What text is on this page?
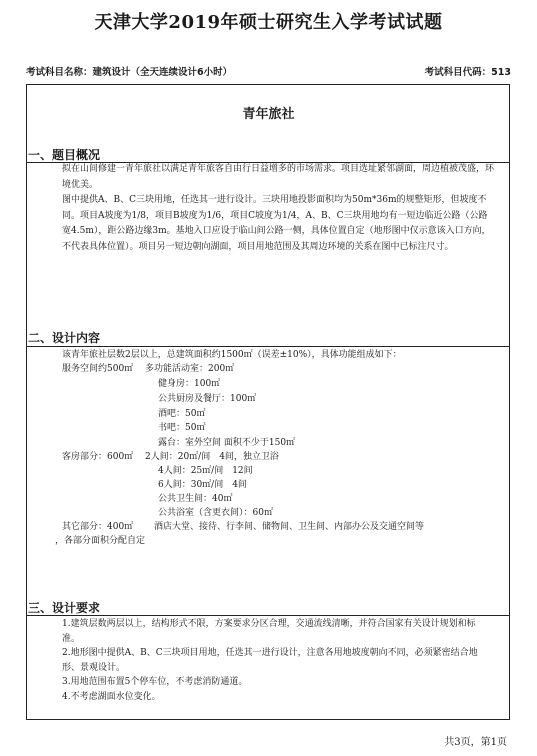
天津大学2019年硕士研究生入学考试试题
考试科目名称：建筑设计（全天连续设计6小时）	考试科目代码：513
青年旅社
一、题目概况

拟在山间修建一青年旅社以满足青年旅客自由行日益增多的市场需求。项目选址紧邻湖面，周边植被茂盛，环境优美。

图中提供A、B、C三块用地，任选其一进行设计。三块用地投影面积均为50m*36m的规整矩形，但坡度不同。项目A坡度为1/8，项目B坡度为1/6，项目C坡度为1/4，A、B、C三块用地均有一短边临近公路（公路宽4.5m），距公路边缘3m。基地入口应设于临山间公路一侧，具体位置自定（地形图中仅示意该入口方向，不代表具体位置）。项目另一短边朝向湖面，项目用地范围及其周边环境的关系在图中已标注尺寸。

二、设计内容
该青年旅社层数2层以上，总建筑面积约1500㎡（误差±10%），具体功能组成如下：
服务空间约500㎡ 多功能活动室：200㎡
健身房：100㎡
公共厨房及餐厅：100㎡
酒吧：50㎡
书吧：50㎡
露台：室外空间 面积不少于150㎡
客房部分：600㎡ 2人间：20㎡/间　4间，独立卫浴
4人间：25㎡/间　12间
6人间：30㎡/间　4间
公共卫生间：40㎡
公共浴室（含更衣间）：60㎡
其它部分：400㎡ 酒店大堂、接待、行李间、储物间、卫生间、内部办公及交通空间等
，各部分面积分配自定
三、设计要求

1.建筑层数两层以上，结构形式不限，方案要求分区合理，交通流线清晰，并符合国家有关设计规划和标准。

2.地形图中提供A、B、C三块项目用地，任选其一进行设计，注意各用地坡度朝向不同，必须紧密结合地形、景观设计。

3.用地范围布置5个停车位，不考虑消防通道。
4.不考虑湖面水位变化。
共3页，第1页
